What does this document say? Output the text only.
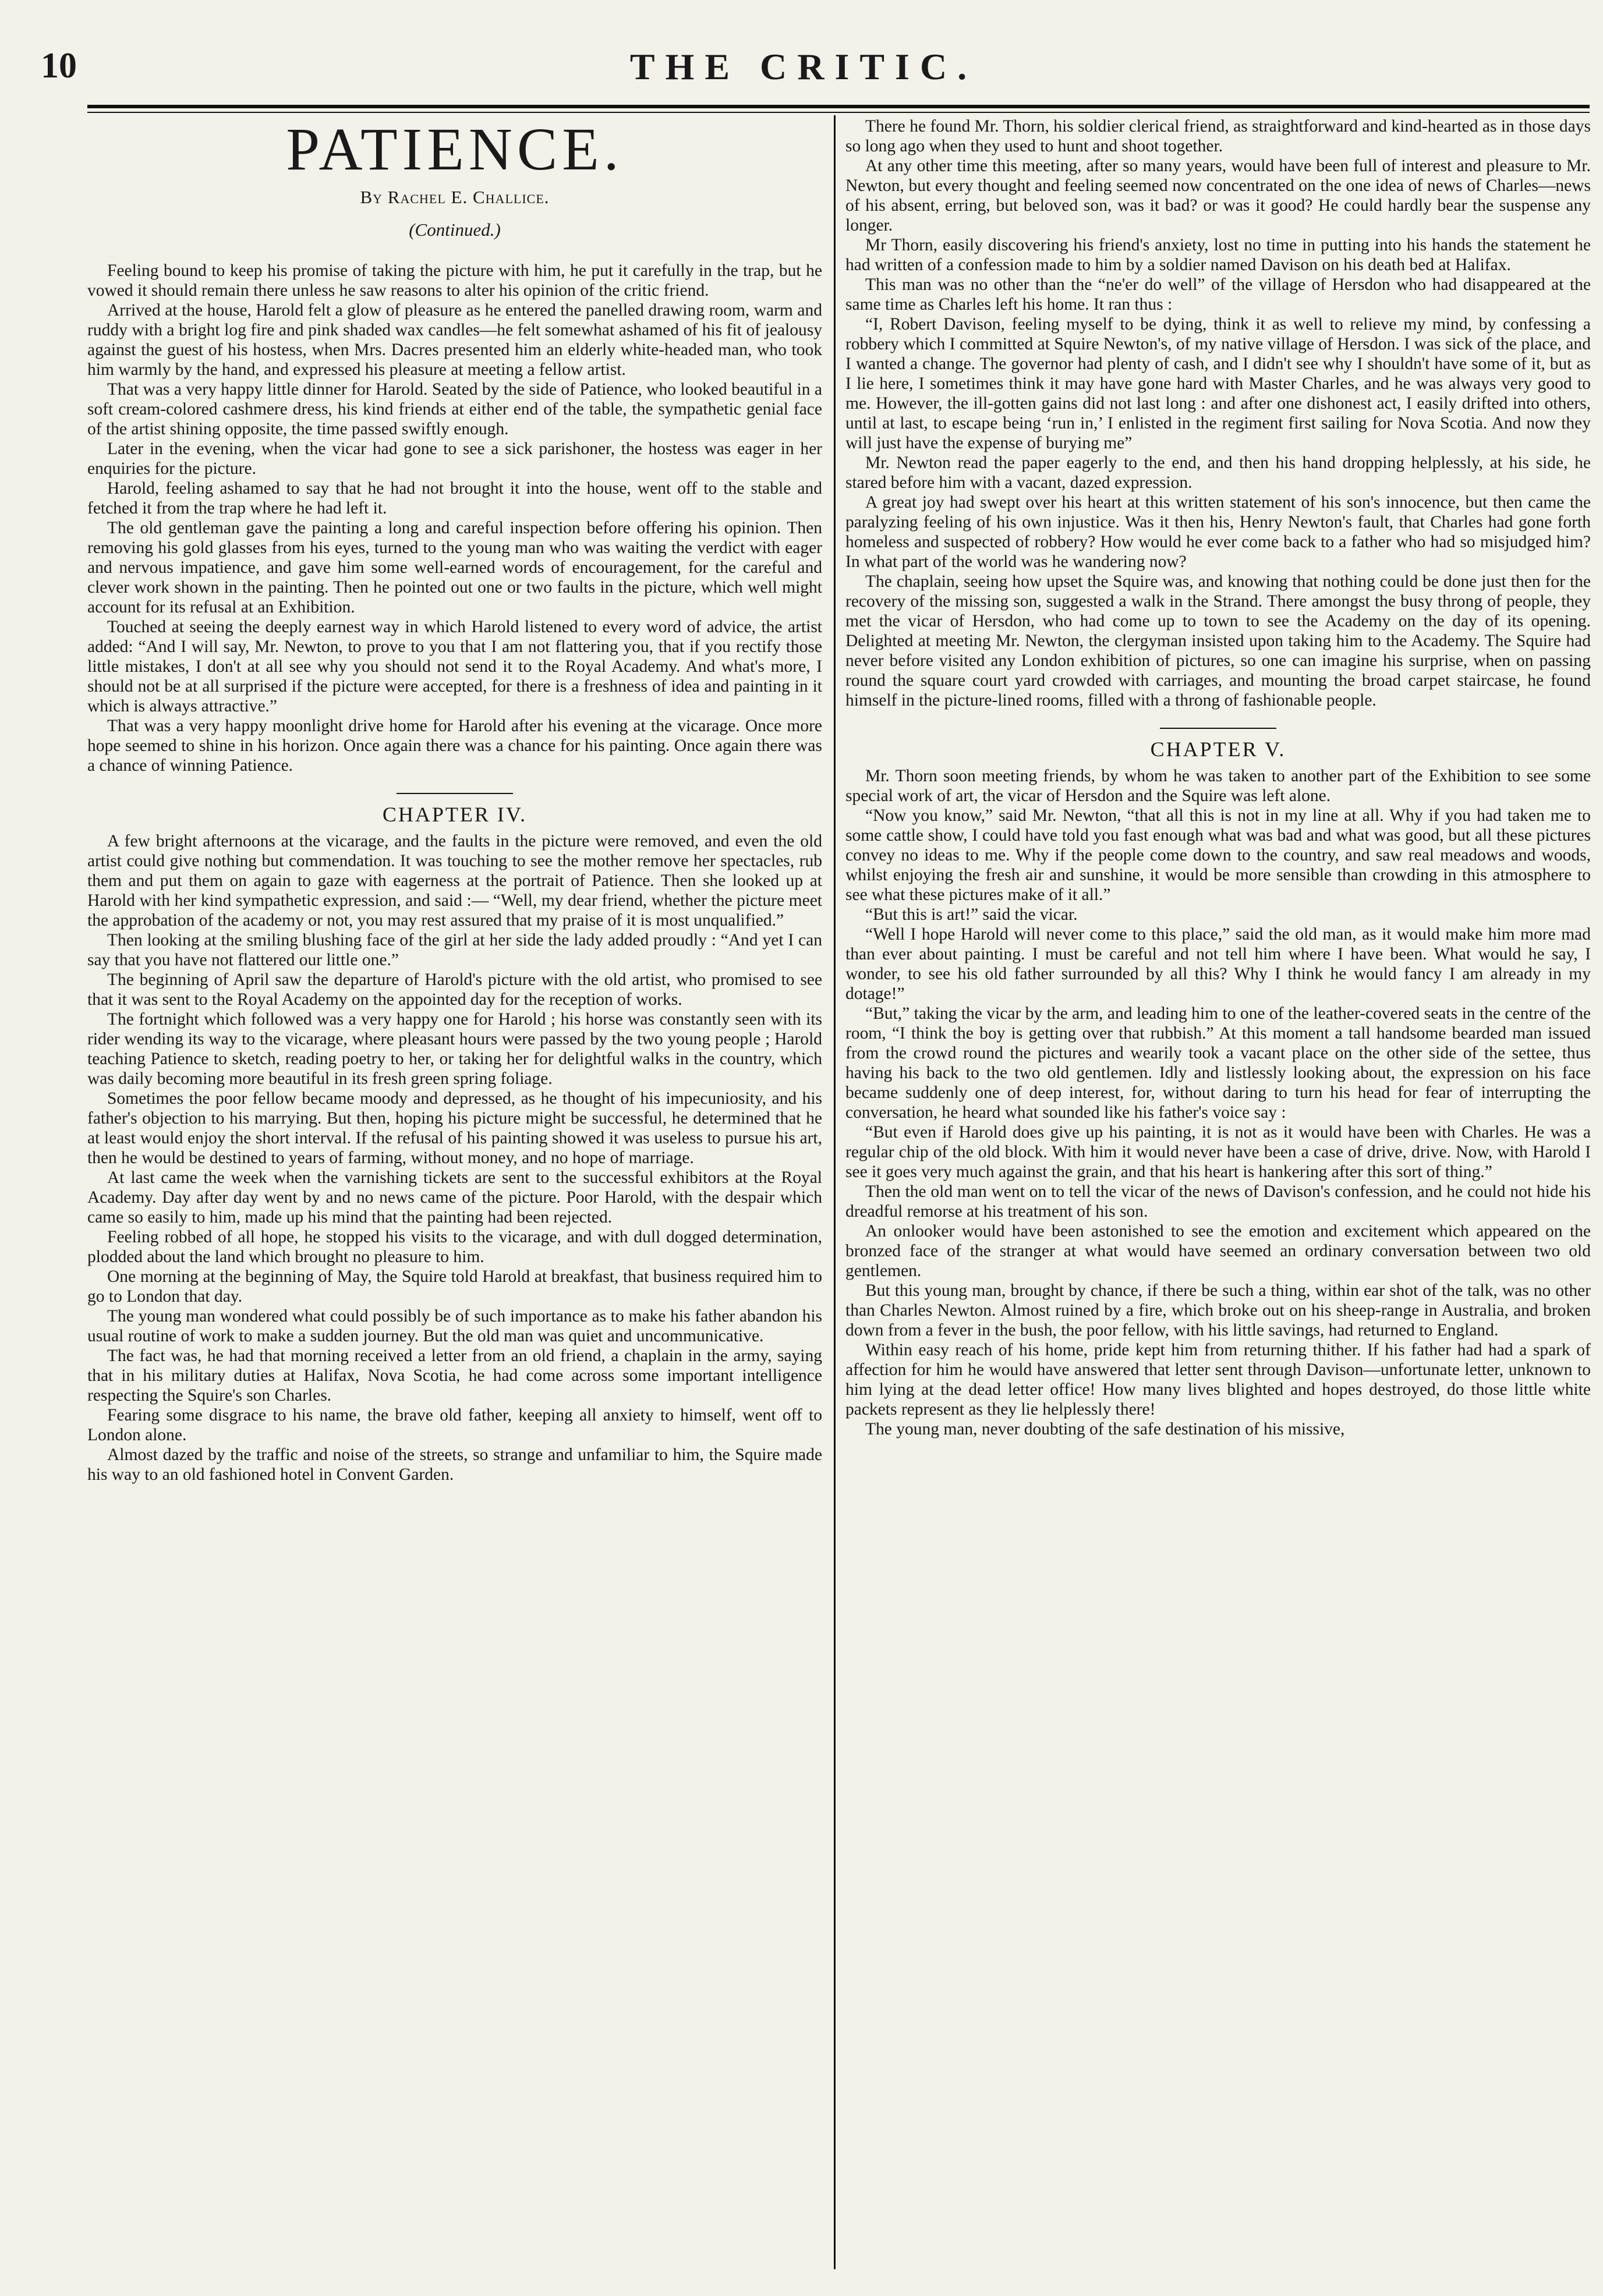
10	THE CRITIC.
PATIENCE.
By Rachel E. Challice.
(Continued.)

Feeling bound to keep his promise of taking the picture with him, he put it carefully in the trap, but he vowed it should remain there unless he saw reasons to alter his opinion of the critic friend.

Arrived at the house, Harold felt a glow of pleasure as he entered the panelled drawing room, warm and ruddy with a bright log fire and pink shaded wax candles—he felt somewhat ashamed of his fit of jealousy against the guest of his hostess, when Mrs. Dacres presented him an elderly white-headed man, who took him warmly by the hand, and expressed his pleasure at meeting a fellow artist.

That was a very happy little dinner for Harold. Seated by the side of Patience, who looked beautiful in a soft cream-colored cashmere dress, his kind friends at either end of the table, the sympathetic genial face of the artist shining opposite, the time passed swiftly enough.

Later in the evening, when the vicar had gone to see a sick parishoner, the hostess was eager in her enquiries for the picture.

Harold, feeling ashamed to say that he had not brought it into the house, went off to the stable and fetched it from the trap where he had left it.

The old gentleman gave the painting a long and careful inspection before offering his opinion. Then removing his gold glasses from his eyes, turned to the young man who was waiting the verdict with eager and nervous impatience, and gave him some well-earned words of encouragement, for the careful and clever work shown in the painting. Then he pointed out one or two faults in the picture, which well might account for its refusal at an Exhibition.

Touched at seeing the deeply earnest way in which Harold listened to every word of advice, the artist added: “And I will say, Mr. Newton, to prove to you that I am not flattering you, that if you rectify those little mistakes, I don't at all see why you should not send it to the Royal Academy. And what's more, I should not be at all surprised if the picture were accepted, for there is a freshness of idea and painting in it which is always attractive.”

That was a very happy moonlight drive home for Harold after his evening at the vicarage. Once more hope seemed to shine in his horizon. Once again there was a chance for his painting. Once again there was a chance of winning Patience.

CHAPTER IV.

A few bright afternoons at the vicarage, and the faults in the picture were removed, and even the old artist could give nothing but commendation. It was touching to see the mother remove her spectacles, rub them and put them on again to gaze with eagerness at the portrait of Patience. Then she looked up at Harold with her kind sympathetic expression, and said :— “Well, my dear friend, whether the picture meet the approbation of the academy or not, you may rest assured that my praise of it is most unqualified.”

Then looking at the smiling blushing face of the girl at her side the lady added proudly : “And yet I can say that you have not flattered our little one.”

The beginning of April saw the departure of Harold's picture with the old artist, who promised to see that it was sent to the Royal Academy on the appointed day for the reception of works.

The fortnight which followed was a very happy one for Harold ; his horse was constantly seen with its rider wending its way to the vicarage, where pleasant hours were passed by the two young people ; Harold teaching Patience to sketch, reading poetry to her, or taking her for delightful walks in the country, which was daily becoming more beautiful in its fresh green spring foliage.

Sometimes the poor fellow became moody and depressed, as he thought of his impecuniosity, and his father's objection to his marrying. But then, hoping his picture might be successful, he determined that he at least would enjoy the short interval. If the refusal of his painting showed it was useless to pursue his art, then he would be destined to years of farming, without money, and no hope of marriage.

At last came the week when the varnishing tickets are sent to the successful exhibitors at the Royal Academy. Day after day went by and no news came of the picture. Poor Harold, with the despair which came so easily to him, made up his mind that the painting had been rejected.

Feeling robbed of all hope, he stopped his visits to the vicarage, and with dull dogged determination, plodded about the land which brought no pleasure to him.

One morning at the beginning of May, the Squire told Harold at breakfast, that business required him to go to London that day.

The young man wondered what could possibly be of such importance as to make his father abandon his usual routine of work to make a sudden journey. But the old man was quiet and uncommunicative.

The fact was, he had that morning received a letter from an old friend, a chaplain in the army, saying that in his military duties at Halifax, Nova Scotia, he had come across some important intelligence respecting the Squire's son Charles.

Fearing some disgrace to his name, the brave old father, keeping all anxiety to himself, went off to London alone.

Almost dazed by the traffic and noise of the streets, so strange and unfamiliar to him, the Squire made his way to an old fashioned hotel in Convent Garden.

There he found Mr. Thorn, his soldier clerical friend, as straightforward and kind-hearted as in those days so long ago when they used to hunt and shoot together.

At any other time this meeting, after so many years, would have been full of interest and pleasure to Mr. Newton, but every thought and feeling seemed now concentrated on the one idea of news of Charles—news of his absent, erring, but beloved son, was it bad? or was it good? He could hardly bear the suspense any longer.

Mr Thorn, easily discovering his friend's anxiety, lost no time in putting into his hands the statement he had written of a confession made to him by a soldier named Davison on his death bed at Halifax.

This man was no other than the “ne'er do well” of the village of Hersdon who had disappeared at the same time as Charles left his home. It ran thus :

“I, Robert Davison, feeling myself to be dying, think it as well to relieve my mind, by confessing a robbery which I committed at Squire Newton's, of my native village of Hersdon. I was sick of the place, and I wanted a change. The governor had plenty of cash, and I didn't see why I shouldn't have some of it, but as I lie here, I sometimes think it may have gone hard with Master Charles, and he was always very good to me. However, the ill-gotten gains did not last long : and after one dishonest act, I easily drifted into others, until at last, to escape being ‘run in,’ I enlisted in the regiment first sailing for Nova Scotia. And now they will just have the expense of burying me”

Mr. Newton read the paper eagerly to the end, and then his hand dropping helplessly, at his side, he stared before him with a vacant, dazed expression.

A great joy had swept over his heart at this written statement of his son's innocence, but then came the paralyzing feeling of his own injustice. Was it then his, Henry Newton's fault, that Charles had gone forth homeless and suspected of robbery? How would he ever come back to a father who had so misjudged him? In what part of the world was he wandering now?

The chaplain, seeing how upset the Squire was, and knowing that nothing could be done just then for the recovery of the missing son, suggested a walk in the Strand. There amongst the busy throng of people, they met the vicar of Hersdon, who had come up to town to see the Academy on the day of its opening. Delighted at meeting Mr. Newton, the clergyman insisted upon taking him to the Academy. The Squire had never before visited any London exhibition of pictures, so one can imagine his surprise, when on passing round the square court yard crowded with carriages, and mounting the broad carpet staircase, he found himself in the picture-lined rooms, filled with a throng of fashionable people.

CHAPTER V.

Mr. Thorn soon meeting friends, by whom he was taken to another part of the Exhibition to see some special work of art, the vicar of Hersdon and the Squire was left alone.

“Now you know,” said Mr. Newton, “that all this is not in my line at all. Why if you had taken me to some cattle show, I could have told you fast enough what was bad and what was good, but all these pictures convey no ideas to me. Why if the people come down to the country, and saw real meadows and woods, whilst enjoying the fresh air and sunshine, it would be more sensible than crowding in this atmosphere to see what these pictures make of it all.”

“But this is art!” said the vicar.

“Well I hope Harold will never come to this place,” said the old man, as it would make him more mad than ever about painting. I must be careful and not tell him where I have been. What would he say, I wonder, to see his old father surrounded by all this? Why I think he would fancy I am already in my dotage!”

“But,” taking the vicar by the arm, and leading him to one of the leather-covered seats in the centre of the room, “I think the boy is getting over that rubbish.” At this moment a tall handsome bearded man issued from the crowd round the pictures and wearily took a vacant place on the other side of the settee, thus having his back to the two old gentlemen. Idly and listlessly looking about, the expression on his face became suddenly one of deep interest, for, without daring to turn his head for fear of interrupting the conversation, he heard what sounded like his father's voice say :

“But even if Harold does give up his painting, it is not as it would have been with Charles. He was a regular chip of the old block. With him it would never have been a case of drive, drive. Now, with Harold I see it goes very much against the grain, and that his heart is hankering after this sort of thing.”

Then the old man went on to tell the vicar of the news of Davison's confession, and he could not hide his dreadful remorse at his treatment of his son.

An onlooker would have been astonished to see the emotion and excitement which appeared on the bronzed face of the stranger at what would have seemed an ordinary conversation between two old gentlemen.

But this young man, brought by chance, if there be such a thing, within ear shot of the talk, was no other than Charles Newton. Almost ruined by a fire, which broke out on his sheep-range in Australia, and broken down from a fever in the bush, the poor fellow, with his little savings, had returned to England.

Within easy reach of his home, pride kept him from returning thither. If his father had had a spark of affection for him he would have answered that letter sent through Davison—unfortunate letter, unknown to him lying at the dead letter office! How many lives blighted and hopes destroyed, do those little white packets represent as they lie helplessly there!

The young man, never doubting of the safe destination of his missive,
